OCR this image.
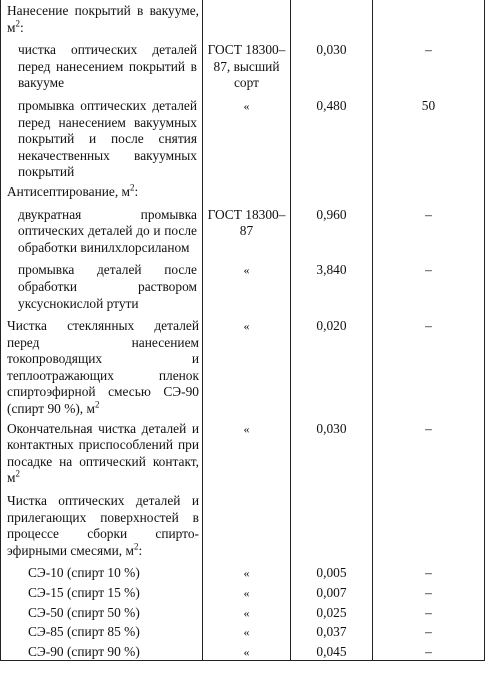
Нанесение покрытий в вакууме, $м^2$:			
чистка оптических деталей перед нанесением покрытий в вакууме	ГОСТ 18300–87, высший сорт	0,030	–
промывка оптических деталей перед нанесением вакуумных покрытий и после снятия некачественных вакуумных покрытий	«	0,480	50
Антисептирование, $м^2$:			
двукратная промывка оптических деталей до и после обработки винилхлорсиланом	ГОСТ 18300–87	0,960	–
промывка деталей после обработки раствором уксуснокислой ртути	«	3,840	–
Чистка стеклянных деталей перед нанесением токопроводящих и теплоотражающих пленок спиртоэфирной смесью СЭ-90 (спирт 90 %), $м^2$	«	0,020	–
Окончательная чистка деталей и контактных приспособлений при посадке на оптический контакт, $м^2$	«	0,030	–
Чистка оптических деталей и прилегающих поверхностей в процессе сборки спирто-эфирными смесями, $м^2$:			
СЭ-10 (спирт 10 %)	«	0,005	–
СЭ-15 (спирт 15 %)	«	0,007	–
СЭ-50 (спирт 50 %)	«	0,025	–
СЭ-85 (спирт 85 %)	«	0,037	–
СЭ-90 (спирт 90 %)	«	0,045	–
